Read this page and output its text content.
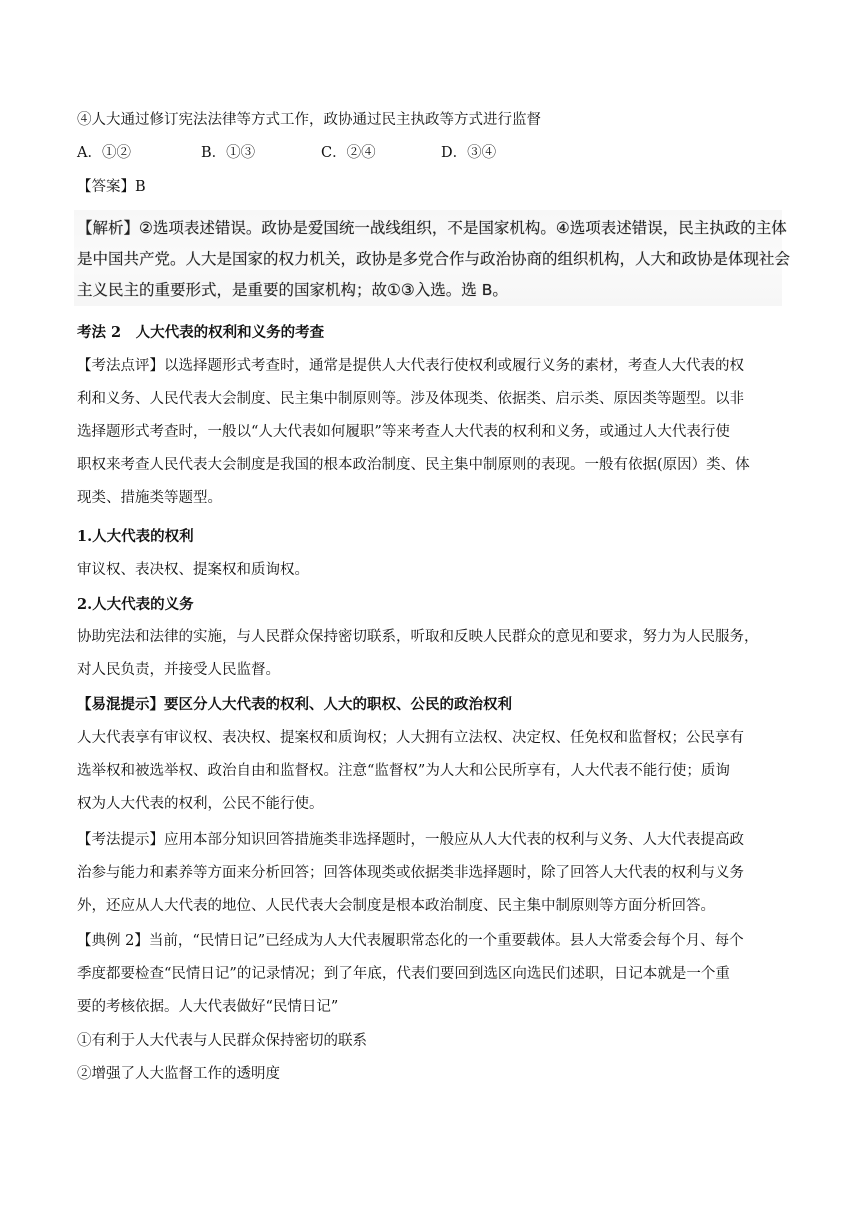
④人大通过修订宪法法律等方式工作，政协通过民主执政等方式进行监督
A．①②	B．①③	C．②④	D．③④
【答案】B
【解析】②选项表述错误。政协是爱国统一战线组织，不是国家机构。④选项表述错误，民主执政的主体
是中国共产党。人大是国家的权力机关，政协是多党合作与政治协商的组织机构，人大和政协是体现社会
主义民主的重要形式，是重要的国家机构；故①③入选。选 B。
考法 2　人大代表的权利和义务的考查
【考法点评】以选择题形式考查时，通常是提供人大代表行使权利或履行义务的素材，考查人大代表的权
利和义务、人民代表大会制度、民主集中制原则等。涉及体现类、依据类、启示类、原因类等题型。以非
选择题形式考查时，一般以“人大代表如何履职”等来考查人大代表的权利和义务，或通过人大代表行使
职权来考查人民代表大会制度是我国的根本政治制度、民主集中制原则的表现。一般有依据(原因）类、体
现类、措施类等题型。
1.人大代表的权利
审议权、表决权、提案权和质询权。
2.人大代表的义务
协助宪法和法律的实施，与人民群众保持密切联系，听取和反映人民群众的意见和要求，努力为人民服务，
对人民负责，并接受人民监督。
【易混提示】要区分人大代表的权利、人大的职权、公民的政治权利
人大代表享有审议权、表决权、提案权和质询权；人大拥有立法权、决定权、任免权和监督权；公民享有
选举权和被选举权、政治自由和监督权。注意“监督权”为人大和公民所享有，人大代表不能行使；质询
权为人大代表的权利，公民不能行使。
【考法提示】应用本部分知识回答措施类非选择题时，一般应从人大代表的权利与义务、人大代表提高政
治参与能力和素养等方面来分析回答；回答体现类或依据类非选择题时，除了回答人大代表的权利与义务
外，还应从人大代表的地位、人民代表大会制度是根本政治制度、民主集中制原则等方面分析回答。
【典例 2】当前，“民情日记”已经成为人大代表履职常态化的一个重要载体。县人大常委会每个月、每个
季度都要检查“民情日记”的记录情况；到了年底，代表们要回到选区向选民们述职，日记本就是一个重
要的考核依据。人大代表做好“民情日记”
①有利于人大代表与人民群众保持密切的联系
②增强了人大监督工作的透明度
